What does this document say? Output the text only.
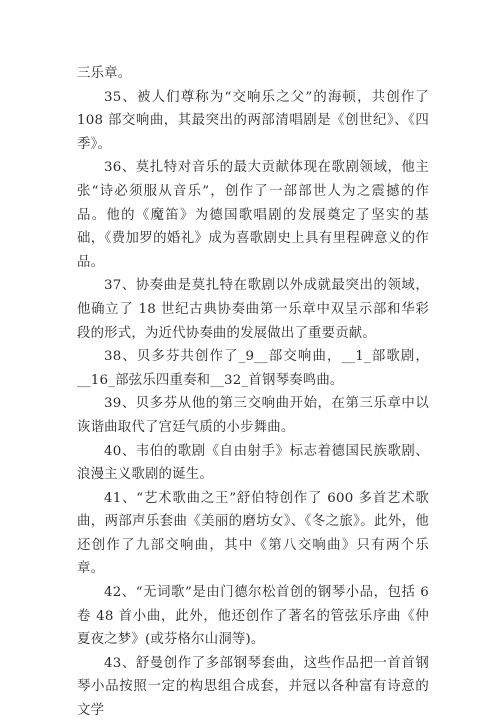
三乐章。

35、被人们尊称为“交响乐之父”的海顿，共创作了 108 部交响曲，其最突出的两部清唱剧是《创世纪》、《四季》。

36、莫扎特对音乐的最大贡献体现在歌剧领域，他主张“诗必须服从音乐”，创作了一部部世人为之震撼的作品。他的《魔笛》为德国歌唱剧的发展奠定了坚实的基础，《费加罗的婚礼》成为喜歌剧史上具有里程碑意义的作品。

37、协奏曲是莫扎特在歌剧以外成就最突出的领域，他确立了 18 世纪古典协奏曲第一乐章中双呈示部和华彩段的形式，为近代协奏曲的发展做出了重要贡献。

38、贝多芬共创作了_9__部交响曲，__1_部歌剧，__16_部弦乐四重奏和__32_首钢琴奏鸣曲。

39、贝多芬从他的第三交响曲开始，在第三乐章中以诙谐曲取代了宫廷气质的小步舞曲。

40、韦伯的歌剧《自由射手》标志着德国民族歌剧、浪漫主义歌剧的诞生。

41、“艺术歌曲之王”舒伯特创作了 600 多首艺术歌曲，两部声乐套曲《美丽的磨坊女》、《冬之旅》。此外，他还创作了九部交响曲，其中《第八交响曲》只有两个乐章。

42、“无词歌”是由门德尔松首创的钢琴小品，包括 6 卷 48 首小曲，此外，他还创作了著名的管弦乐序曲《仲夏夜之梦》(或芬格尔山洞等)。

43、舒曼创作了多部钢琴套曲，这些作品把一首首钢琴小品按照一定的构思组合成套，并冠以各种富有诗意的文学
